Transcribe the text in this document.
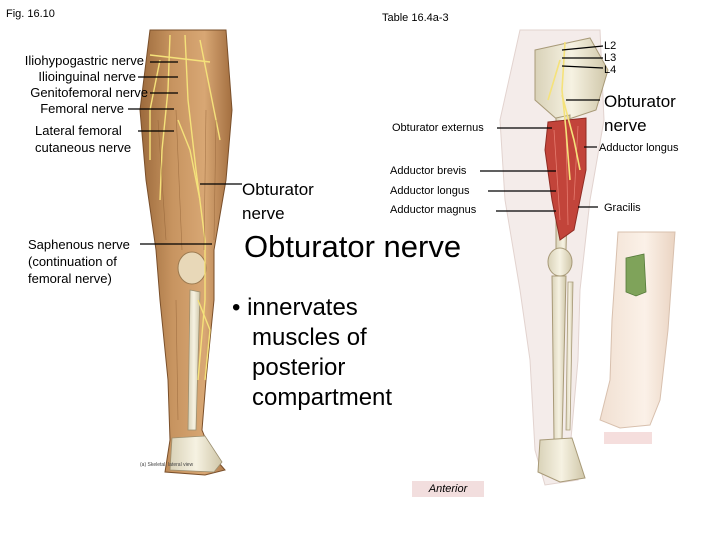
Fig. 16.10	Table 16.4a-3
Iliohypogastric nerve
Ilioinguinal nerve
Genitofemoral nerve
Femoral nerve
Lateral femoral
cutaneous nerve
Saphenous nerve
(continuation of
femoral nerve)
Obturator
nerve
Obturator externus
Adductor brevis
Adductor longus
Adductor magnus
L2
L3
L4
Obturator
nerve
Adductor longus
Gracilis
Obturator nerve
• innervates
muscles of
posterior
compartment
(a) Skeletal, lateral view
Anterior
